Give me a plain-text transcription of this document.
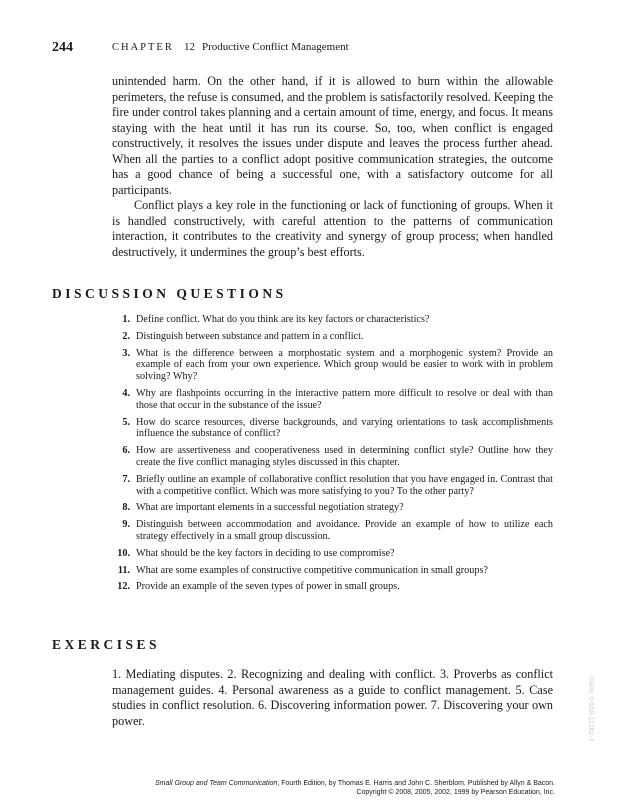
244	CHAPTER 12 Productive Conflict Management

unintended harm. On the other hand, if it is allowed to burn within the allowable perimeters, the refuse is consumed, and the problem is satisfactorily resolved. Keeping the fire under control takes planning and a certain amount of time, energy, and focus. It means staying with the heat until it has run its course. So, too, when conflict is engaged constructively, it resolves the issues under dispute and leaves the process further ahead. When all the parties to a conflict adopt positive communication strategies, the outcome has a good chance of being a successful one, with a satisfactory outcome for all participants.

Conflict plays a key role in the functioning or lack of functioning of groups. When it is handled constructively, with careful attention to the patterns of communication interaction, it contributes to the creativity and synergy of group process; when handled destructively, it undermines the group’s best efforts.

DISCUSSION QUESTIONS
1. Define conflict. What do you think are its key factors or characteristics?
2. Distinguish between substance and pattern in a conflict.
3. What is the difference between a morphostatic system and a morphogenic system? Provide an example of each from your own experience. Which group would be easier to work with in problem solving? Why?
4. Why are flashpoints occurring in the interactive pattern more difficult to resolve or deal with than those that occur in the substance of the issue?
5. How do scarce resources, diverse backgrounds, and varying orientations to task accomplishments influence the substance of conflict?
6. How are assertiveness and cooperativeness used in determining conflict style? Outline how they create the five conflict managing styles discussed in this chapter.
7. Briefly outline an example of collaborative conflict resolution that you have engaged in. Contrast that with a competitive conflict. Which was more satisfying to you? To the other party?
8. What are important elements in a successful negotiation strategy?
9. Distinguish between accommodation and avoidance. Provide an example of how to utilize each strategy effectively in a small group discussion.
10. What should be the key factors in deciding to use compromise?
11. What are some examples of constructive competitive communication in small groups?
12. Provide an example of the seven types of power in small groups.
EXERCISES
1. Mediating disputes. 2. Recognizing and dealing with conflict. 3. Proverbs as conflict management guides. 4. Personal awareness as a guide to conflict management. 5. Case studies in conflict resolution. 6. Discovering information power. 7. Discovering your own power.	ISBN: 0-558-11262-7
Small Group and Team Communication, Fourth Edition, by Thomas E. Harris and John C. Sherblom. Published by Allyn & Bacon.
Copyright © 2008, 2005, 2002, 1999 by Pearson Education, Inc.
